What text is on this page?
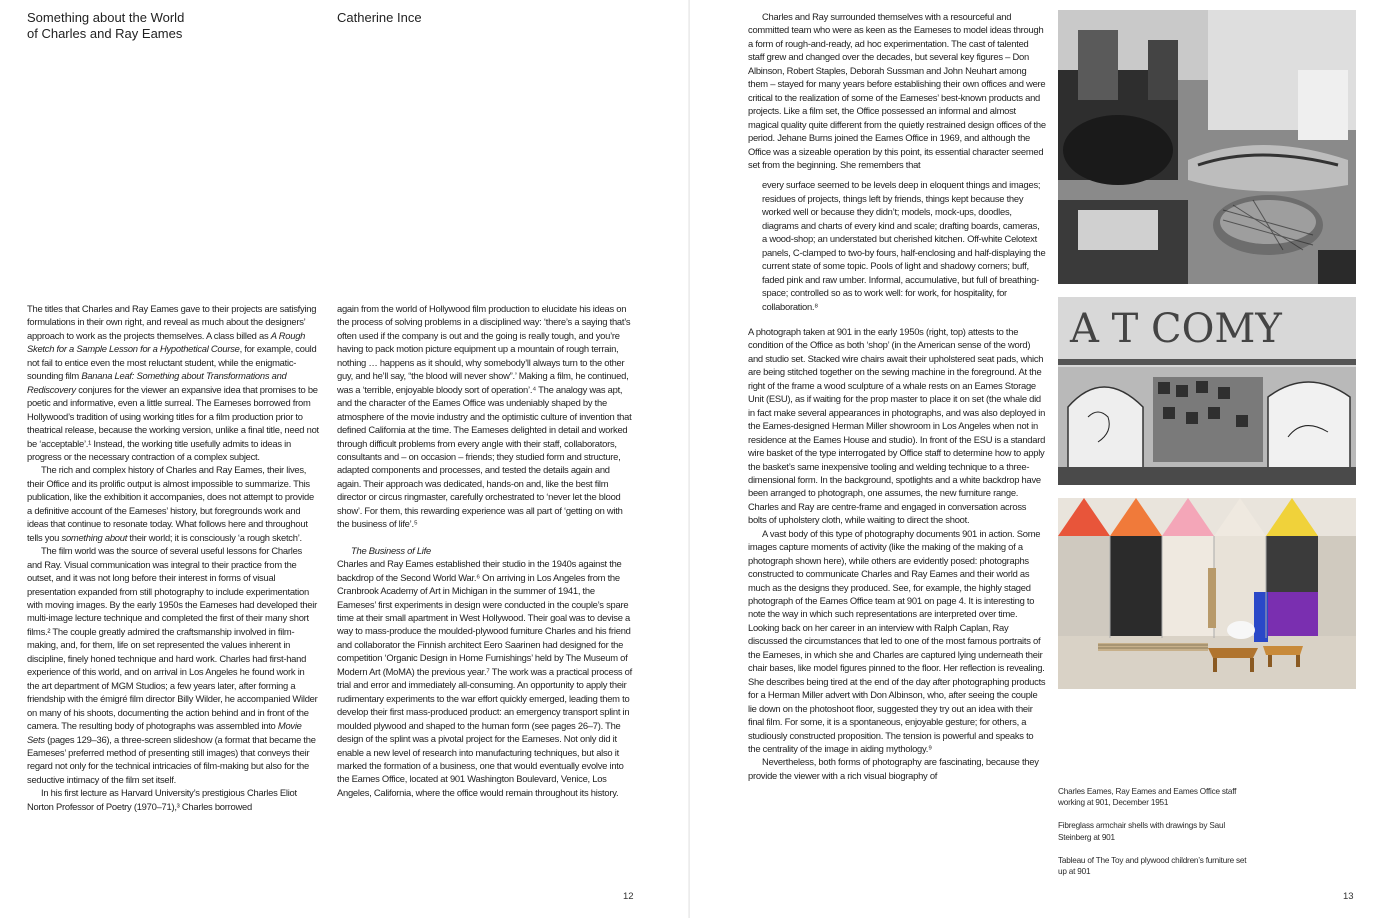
Something about the World
of Charles and Ray Eames
Catherine Ince

The titles that Charles and Ray Eames gave to their projects are satisfying formulations in their own right, and reveal as much about the designers’ approach to work as the projects themselves. A class billed as A Rough Sketch for a Sample Lesson for a Hypothetical Course, for example, could not fail to entice even the most reluctant student, while the enigmatic-sounding film Banana Leaf: Something about Transformations and Rediscovery conjures for the viewer an expansive idea that promises to be poetic and informative, even a little surreal. The Eameses borrowed from Hollywood’s tradition of using working titles for a film production prior to theatrical release, because the working version, unlike a final title, need not be ‘acceptable’.¹ Instead, the working title usefully admits to ideas in progress or the necessary contraction of a complex subject.

The rich and complex history of Charles and Ray Eames, their lives, their Office and its prolific output is almost impossible to summarize. This publication, like the exhibition it accompanies, does not attempt to provide a definitive account of the Eameses’ history, but foregrounds work and ideas that continue to resonate today. What follows here and throughout tells you something about their world; it is consciously ‘a rough sketch’.

The film world was the source of several useful lessons for Charles and Ray. Visual communication was integral to their practice from the outset, and it was not long before their interest in forms of visual presentation expanded from still photography to include experimentation with moving images. By the early 1950s the Eameses had developed their multi-image lecture technique and completed the first of their many short films.² The couple greatly admired the craftsmanship involved in film-making, and, for them, life on set represented the values inherent in discipline, finely honed technique and hard work. Charles had first-hand experience of this world, and on arrival in Los Angeles he found work in the art department of MGM Studios; a few years later, after forming a friendship with the émigré film director Billy Wilder, he accompanied Wilder on many of his shoots, documenting the action behind and in front of the camera. The resulting body of photographs was assembled into Movie Sets (pages 129–36), a three-screen slideshow (a format that became the Eameses’ preferred method of presenting still images) that conveys their regard not only for the technical intricacies of film-making but also for the seductive intimacy of the film set itself.

In his first lecture as Harvard University’s prestigious Charles Eliot Norton Professor of Poetry (1970–71),³ Charles borrowed

again from the world of Hollywood film production to elucidate his ideas on the process of solving problems in a disciplined way: ‘there’s a saying that’s often used if the company is out and the going is really tough, and you’re having to pack motion picture equipment up a mountain of rough terrain, nothing … happens as it should, why somebody’ll always turn to the other guy, and he’ll say, “the blood will never show”.’ Making a film, he continued, was a ‘terrible, enjoyable bloody sort of operation’.⁴ The analogy was apt, and the character of the Eames Office was undeniably shaped by the atmosphere of the movie industry and the optimistic culture of invention that defined California at the time. The Eameses delighted in detail and worked through difficult problems from every angle with their staff, collaborators, consultants and – on occasion – friends; they studied form and structure, adapted components and processes, and tested the details again and again. Their approach was dedicated, hands-on and, like the best film director or circus ringmaster, carefully orchestrated to ‘never let the blood show’. For them, this rewarding experience was all part of ‘getting on with the business of life’.⁵

The Business of Life

Charles and Ray Eames established their studio in the 1940s against the backdrop of the Second World War.⁶ On arriving in Los Angeles from the Cranbrook Academy of Art in Michigan in the summer of 1941, the Eameses’ first experiments in design were conducted in the couple’s spare time at their small apartment in West Hollywood. Their goal was to devise a way to mass-produce the moulded-plywood furniture Charles and his friend and collaborator the Finnish architect Eero Saarinen had designed for the competition ‘Organic Design in Home Furnishings’ held by The Museum of Modern Art (MoMA) the previous year.⁷ The work was a practical process of trial and error and immediately all-consuming. An opportunity to apply their rudimentary experiments to the war effort quickly emerged, leading them to develop their first mass-produced product: an emergency transport splint in moulded plywood and shaped to the human form (see pages 26–7). The design of the splint was a pivotal project for the Eameses. Not only did it enable a new level of research into manufacturing techniques, but also it marked the formation of a business, one that would eventually evolve into the Eames Office, located at 901 Washington Boulevard, Venice, Los Angeles, California, where the office would remain throughout its history.

12

Charles and Ray surrounded themselves with a resourceful and committed team who were as keen as the Eameses to model ideas through a form of rough-and-ready, ad hoc experimentation. The cast of talented staff grew and changed over the decades, but several key figures – Don Albinson, Robert Staples, Deborah Sussman and John Neuhart among them – stayed for many years before establishing their own offices and were critical to the realization of some of the Eameses’ best-known products and projects. Like a film set, the Office possessed an informal and almost magical quality quite different from the quietly restrained design offices of the period. Jehane Burns joined the Eames Office in 1969, and although the Office was a sizeable operation by this point, its essential character seemed set from the beginning. She remembers that

every surface seemed to be levels deep in eloquent things and images; residues of projects, things left by friends, things kept because they worked well or because they didn’t; models, mock-ups, doodles, diagrams and charts of every kind and scale; drafting boards, cameras, a wood-shop; an understated but cherished kitchen. Off-white Celotext panels, C-clamped to two-by fours, half-enclosing and half-displaying the current state of some topic. Pools of light and shadowy corners; buff, faded pink and raw umber. Informal, accumulative, but full of breathing-space; controlled so as to work well: for work, for hospitality, for collaboration.⁸

A photograph taken at 901 in the early 1950s (right, top) attests to the condition of the Office as both ‘shop’ (in the American sense of the word) and studio set. Stacked wire chairs await their upholstered seat pads, which are being stitched together on the sewing machine in the foreground. At the right of the frame a wood sculpture of a whale rests on an Eames Storage Unit (ESU), as if waiting for the prop master to place it on set (the whale did in fact make several appearances in photographs, and was also deployed in the Eames-designed Herman Miller showroom in Los Angeles when not in residence at the Eames House and studio). In front of the ESU is a standard wire basket of the type interrogated by Office staff to determine how to apply the basket’s same inexpensive tooling and welding technique to a three-dimensional form. In the background, spotlights and a white backdrop have been arranged to photograph, one assumes, the new furniture range. Charles and Ray are centre-frame and engaged in conversation across bolts of upholstery cloth, while waiting to direct the shoot.

A vast body of this type of photography documents 901 in action. Some images capture moments of activity (like the making of the making of a photograph shown here), while others are evidently posed: photographs constructed to communicate Charles and Ray Eames and their world as much as the designs they produced. See, for example, the highly staged photograph of the Eames Office team at 901 on page 4. It is interesting to note the way in which such representations are interpreted over time. Looking back on her career in an interview with Ralph Caplan, Ray discussed the circumstances that led to one of the most famous portraits of the Eameses, in which she and Charles are captured lying underneath their chair bases, like model figures pinned to the floor. Her reflection is revealing. She describes being tired at the end of the day after photographing products for a Herman Miller advert with Don Albinson, who, after seeing the couple lie down on the photoshoot floor, suggested they try out an idea with their final film. For some, it is a spontaneous, enjoyable gesture; for others, a studiously constructed proposition. The tension is powerful and speaks to the centrality of the image in aiding mythology.⁹

Nevertheless, both forms of photography are fascinating, because they provide the viewer with a rich visual biography of

A T COMY

Charles Eames, Ray Eames and Eames Office staff working at 901, December 1951

Fibreglass armchair shells with drawings by Saul Steinberg at 901

Tableau of The Toy and plywood children’s furniture set up at 901

13
